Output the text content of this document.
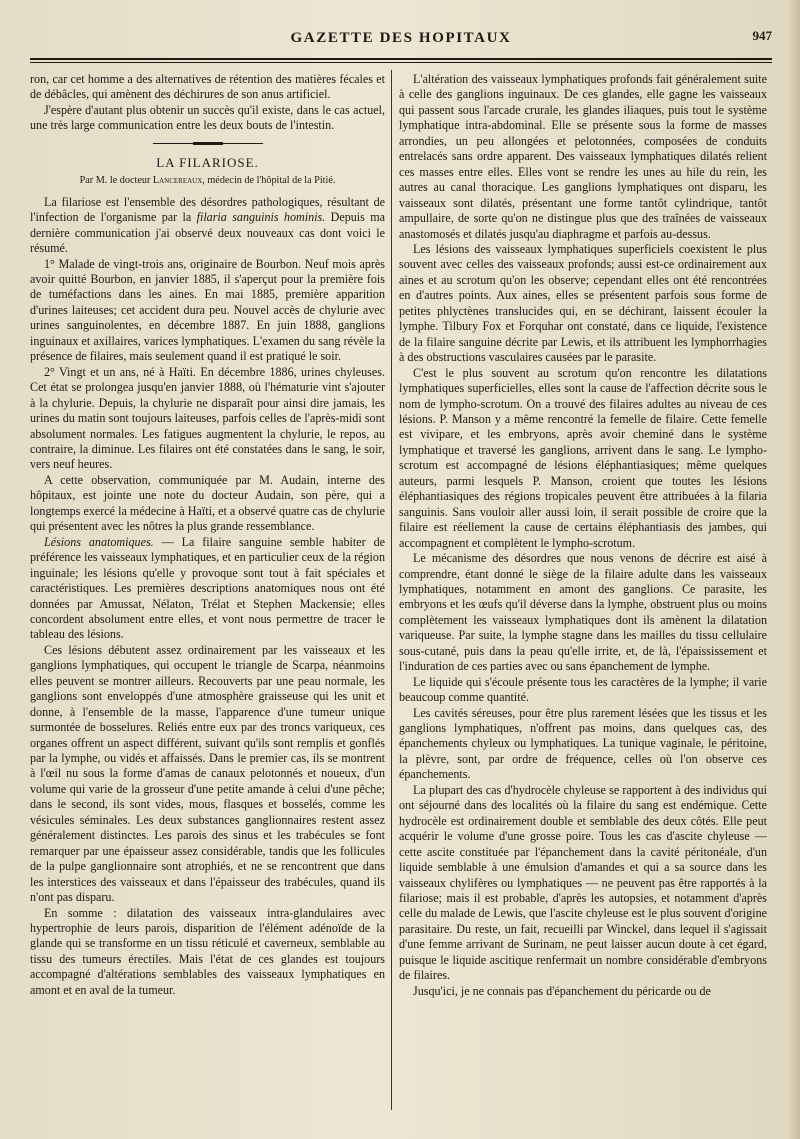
GAZETTE DES HOPITAUX	947

ron, car cet homme a des alternatives de rétention des matières fécales et de débâcles, qui amènent des déchirures de son anus artificiel.

J'espère d'autant plus obtenir un succès qu'il existe, dans le cas actuel, une très large communication entre les deux bouts de l'intestin.

LA FILARIOSE.
Par M. le docteur Lancereaux, médecin de l'hôpital de la Pitié.

La filariose est l'ensemble des désordres pathologiques, résultant de l'infection de l'organisme par la filaria sanguinis hominis. Depuis ma dernière communication j'ai observé deux nouveaux cas dont voici le résumé.

1° Malade de vingt-trois ans, originaire de Bourbon. Neuf mois après avoir quitté Bourbon, en janvier 1885, il s'aperçut pour la première fois de tuméfactions dans les aines. En mai 1885, première apparition d'urines laiteuses; cet accident dura peu. Nouvel accès de chylurie avec urines sanguinolentes, en décembre 1887. En juin 1888, ganglions inguinaux et axillaires, varices lymphatiques. L'examen du sang révèle la présence de filaires, mais seulement quand il est pratiqué le soir.

2° Vingt et un ans, né à Haïti. En décembre 1886, urines chyleuses. Cet état se prolongea jusqu'en janvier 1888, où l'hématurie vint s'ajouter à la chylurie. Depuis, la chylurie ne disparaît pour ainsi dire jamais, les urines du matin sont toujours laiteuses, parfois celles de l'après-midi sont absolument normales. Les fatigues augmentent la chylurie, le repos, au contraire, la diminue. Les filaires ont été constatées dans le sang, le soir, vers neuf heures.

A cette observation, communiquée par M. Audain, interne des hôpitaux, est jointe une note du docteur Audain, son père, qui a longtemps exercé la médecine à Haïti, et a observé quatre cas de chylurie qui présentent avec les nôtres la plus grande ressemblance.

Lésions anatomiques. — La filaire sanguine semble habiter de préférence les vaisseaux lymphatiques, et en particulier ceux de la région inguinale; les lésions qu'elle y provoque sont tout à fait spéciales et caractéristiques. Les premières descriptions anatomiques nous ont été données par Amussat, Nélaton, Trélat et Stephen Mackensie; elles concordent absolument entre elles, et vont nous permettre de tracer le tableau des lésions.

Ces lésions débutent assez ordinairement par les vaisseaux et les ganglions lymphatiques, qui occupent le triangle de Scarpa, néanmoins elles peuvent se montrer ailleurs. Recouverts par une peau normale, les ganglions sont enveloppés d'une atmosphère graisseuse qui les unit et donne, à l'ensemble de la masse, l'apparence d'une tumeur unique surmontée de bosselures. Reliés entre eux par des troncs variqueux, ces organes offrent un aspect différent, suivant qu'ils sont remplis et gonflés par la lymphe, ou vidés et affaissés. Dans le premier cas, ils se montrent à l'œil nu sous la forme d'amas de canaux pelotonnés et noueux, d'un volume qui varie de la grosseur d'une petite amande à celui d'une pêche; dans le second, ils sont vides, mous, flasques et bosselés, comme les vésicules séminales. Les deux substances ganglionnaires restent assez généralement distinctes. Les parois des sinus et les trabécules se font remarquer par une épaisseur assez considérable, tandis que les follicules de la pulpe ganglionnaire sont atrophiés, et ne se rencontrent que dans les interstices des vaisseaux et dans l'épaisseur des trabécules, quand ils n'ont pas disparu.

En somme : dilatation des vaisseaux intra-glandulaires avec hypertrophie de leurs parois, disparition de l'élément adénoïde de la glande qui se transforme en un tissu réticulé et caverneux, semblable au tissu des tumeurs érectiles. Mais l'état de ces glandes est toujours accompagné d'altérations semblables des vaisseaux lymphatiques en amont et en aval de la tumeur.

L'altération des vaisseaux lymphatiques profonds fait généralement suite à celle des ganglions inguinaux. De ces glandes, elle gagne les vaisseaux qui passent sous l'arcade crurale, les glandes iliaques, puis tout le système lymphatique intra-abdominal. Elle se présente sous la forme de masses arrondies, un peu allongées et pelotonnées, composées de conduits entrelacés sans ordre apparent. Des vaisseaux lymphatiques dilatés relient ces masses entre elles. Elles vont se rendre les unes au hile du rein, les autres au canal thoracique. Les ganglions lymphatiques ont disparu, les vaisseaux sont dilatés, présentant une forme tantôt cylindrique, tantôt ampullaire, de sorte qu'on ne distingue plus que des traînées de vaisseaux anastomosés et dilatés jusqu'au diaphragme et parfois au-dessus.

Les lésions des vaisseaux lymphatiques superficiels coexistent le plus souvent avec celles des vaisseaux profonds; aussi est-ce ordinairement aux aines et au scrotum qu'on les observe; cependant elles ont été rencontrées en d'autres points. Aux aines, elles se présentent parfois sous forme de petites phlyctènes translucides qui, en se déchirant, laissent écouler la lymphe. Tilbury Fox et Forquhar ont constaté, dans ce liquide, l'existence de la filaire sanguine décrite par Lewis, et ils attribuent les lymphorrhagies à des obstructions vasculaires causées par le parasite.

C'est le plus souvent au scrotum qu'on rencontre les dilatations lymphatiques superficielles, elles sont la cause de l'affection décrite sous le nom de lympho-scrotum. On a trouvé des filaires adultes au niveau de ces lésions. P. Manson y a même rencontré la femelle de filaire. Cette femelle est vivipare, et les embryons, après avoir cheminé dans le système lymphatique et traversé les ganglions, arrivent dans le sang. Le lympho-scrotum est accompagné de lésions éléphantiasiques; même quelques auteurs, parmi lesquels P. Manson, croient que toutes les lésions éléphantiasiques des régions tropicales peuvent être attribuées à la filaria sanguinis. Sans vouloir aller aussi loin, il serait possible de croire que la filaire est réellement la cause de certains éléphantiasis des jambes, qui accompagnent et complètent le lympho-scrotum.

Le mécanisme des désordres que nous venons de décrire est aisé à comprendre, étant donné le siège de la filaire adulte dans les vaisseaux lymphatiques, notamment en amont des ganglions. Ce parasite, les embryons et les œufs qu'il déverse dans la lymphe, obstruent plus ou moins complètement les vaisseaux lymphatiques dont ils amènent la dilatation variqueuse. Par suite, la lymphe stagne dans les mailles du tissu cellulaire sous-cutané, puis dans la peau qu'elle irrite, et, de là, l'épaississement et l'induration de ces parties avec ou sans épanchement de lymphe.

Le liquide qui s'écoule présente tous les caractères de la lymphe; il varie beaucoup comme quantité.

Les cavités séreuses, pour être plus rarement lésées que les tissus et les ganglions lymphatiques, n'offrent pas moins, dans quelques cas, des épanchements chyleux ou lymphatiques. La tunique vaginale, le péritoine, la plèvre, sont, par ordre de fréquence, celles où l'on observe ces épanchements.

La plupart des cas d'hydrocèle chyleuse se rapportent à des individus qui ont séjourné dans des localités où la filaire du sang est endémique. Cette hydrocèle est ordinairement double et semblable des deux côtés. Elle peut acquérir le volume d'une grosse poire. Tous les cas d'ascite chyleuse — cette ascite constituée par l'épanchement dans la cavité péritonéale, d'un liquide semblable à une émulsion d'amandes et qui a sa source dans les vaisseaux chylifères ou lymphatiques — ne peuvent pas être rapportés à la filariose; mais il est probable, d'après les autopsies, et notamment d'après celle du malade de Lewis, que l'ascite chyleuse est le plus souvent d'origine parasitaire. Du reste, un fait, recueilli par Winckel, dans lequel il s'agissait d'une femme arrivant de Surinam, ne peut laisser aucun doute à cet égard, puisque le liquide ascitique renfermait un nombre considérable d'embryons de filaires.

Jusqu'ici, je ne connais pas d'épanchement du péricarde ou de
